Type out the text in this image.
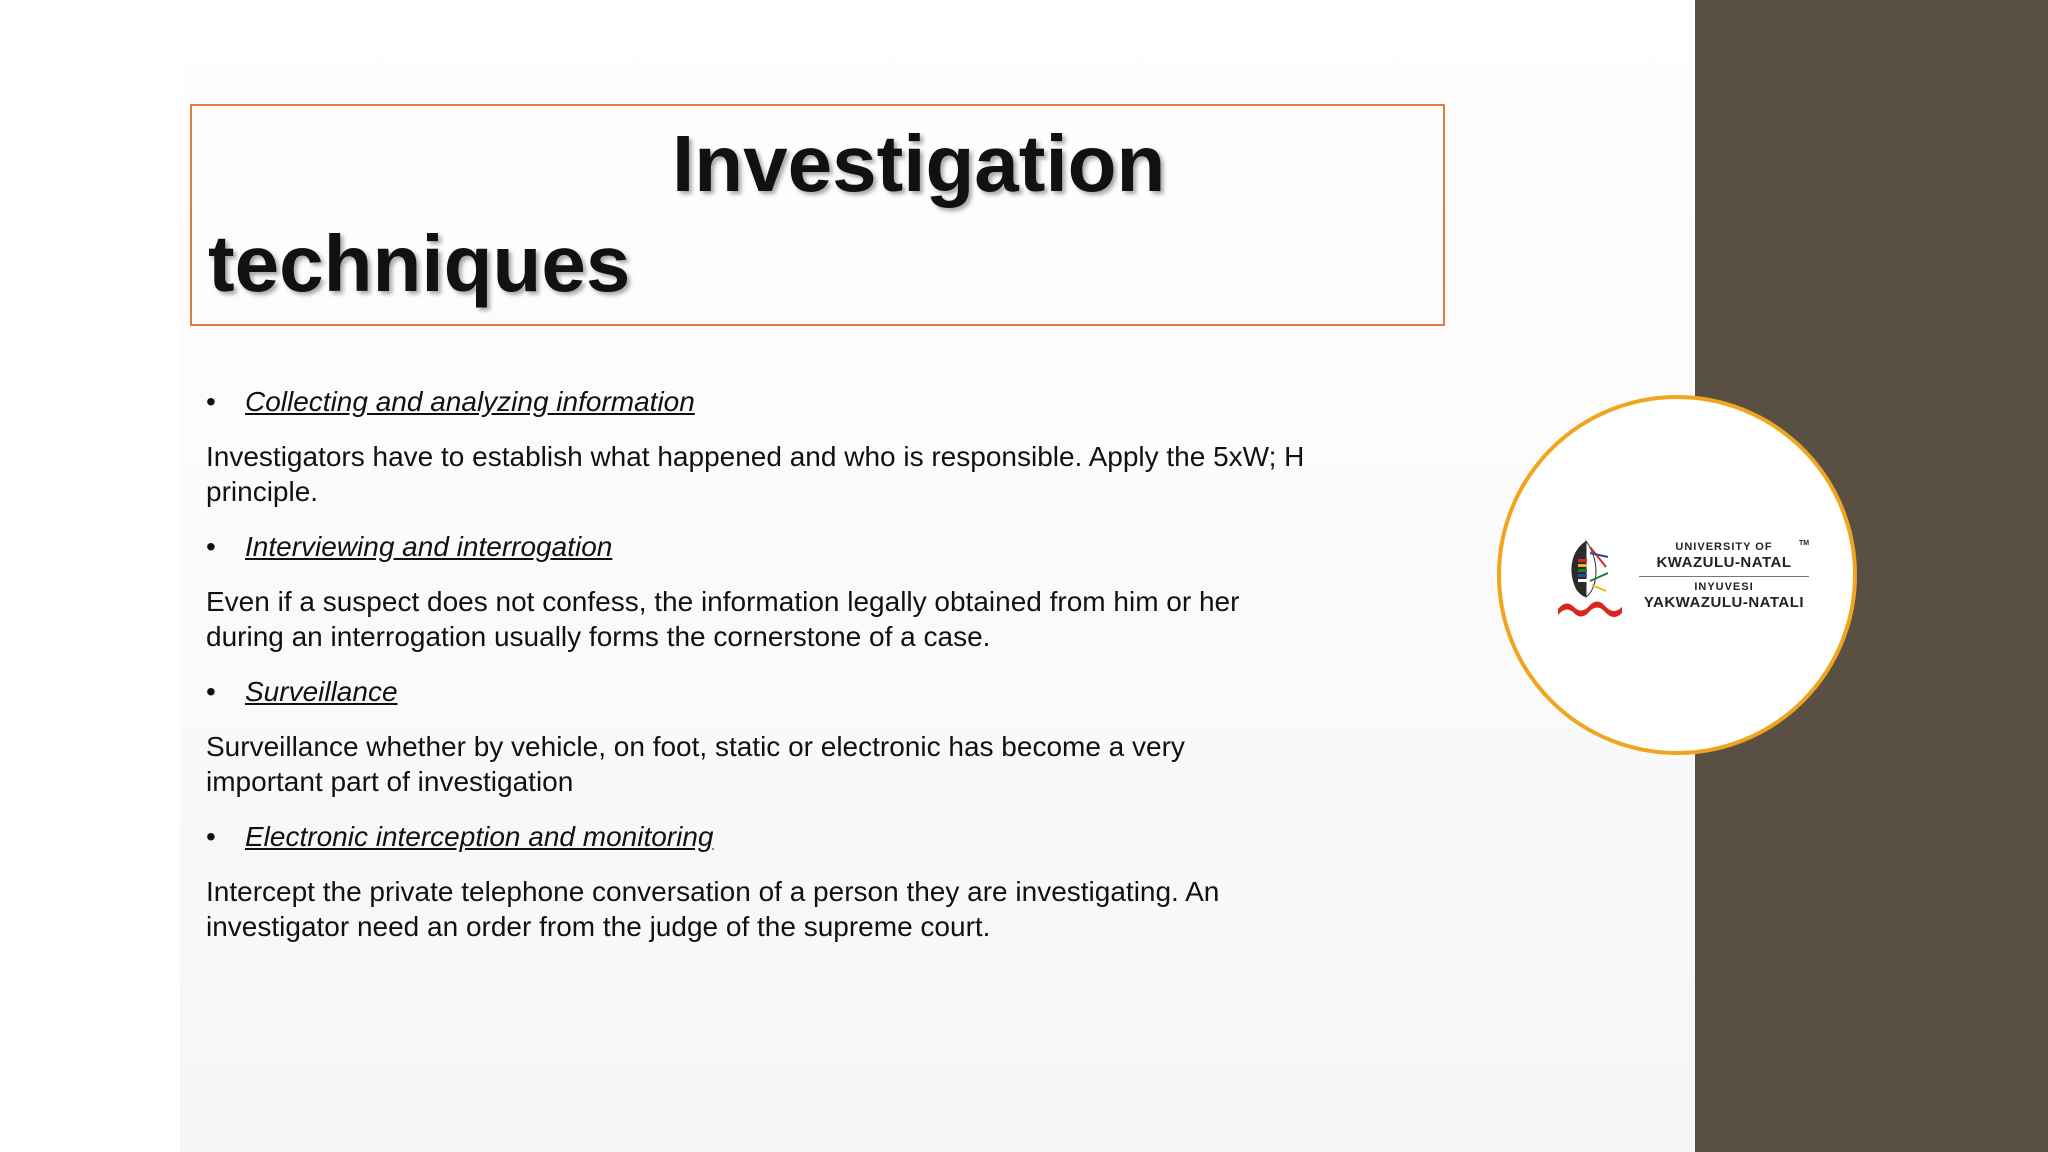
Investigation
techniques
• Collecting and analyzing information
Investigators have to establish what happened and who is responsible. Apply the 5xW; H principle.
• Interviewing and interrogation
Even if a suspect does not confess, the information legally obtained from him or her during an interrogation usually forms the cornerstone of a case.
• Surveillance
Surveillance whether by vehicle, on foot, static or electronic has become a very important part of investigation
• Electronic interception and monitoring
Intercept the private telephone conversation of a person they are investigating. An investigator need an order from the judge of the supreme court.
UNIVERSITY OF
KWAZULU-NATAL
INYUVESI
YAKWAZULU-NATALI
TM
